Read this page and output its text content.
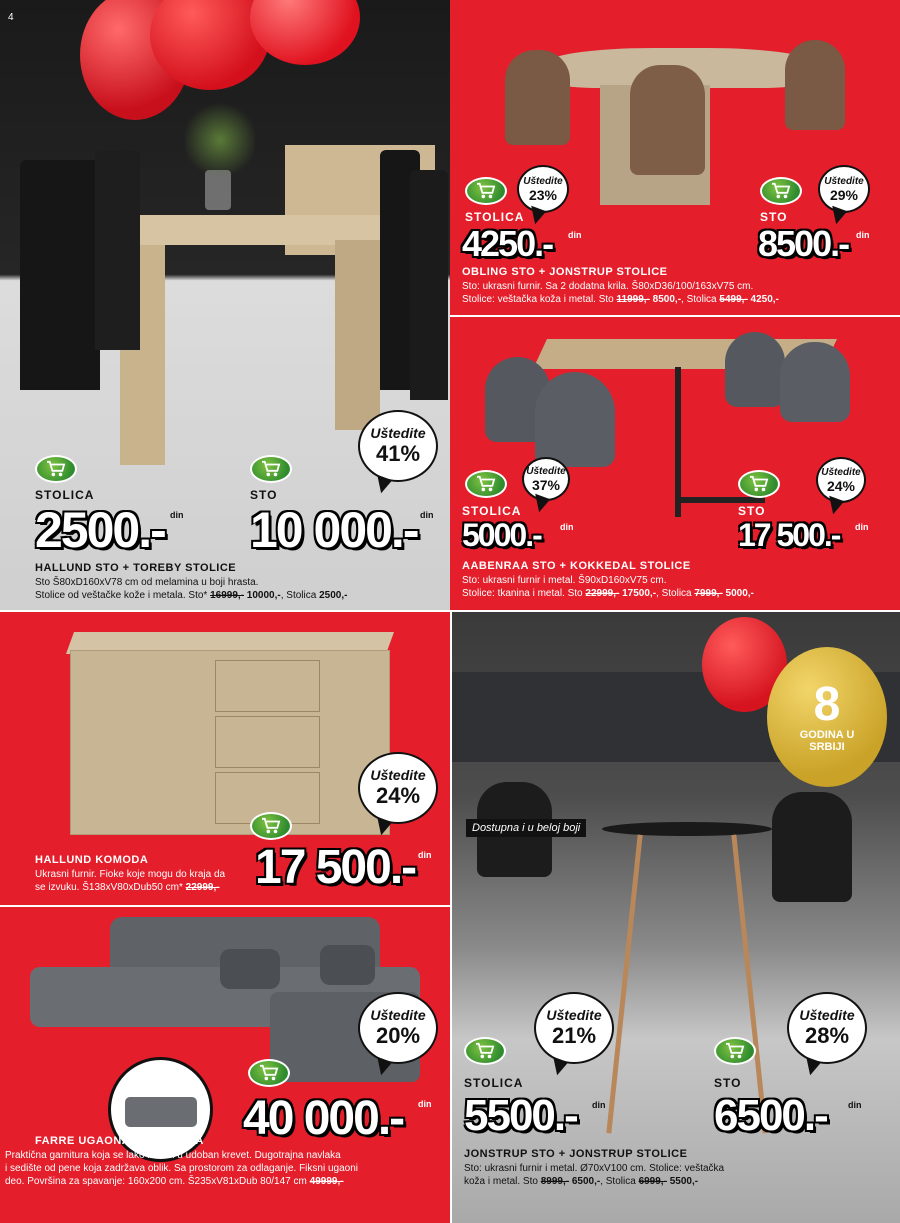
4
Uštedite
41%
STOLICA	STO
2500.- din 10 000.- din
HALLUND STO + TOREBY STOLICE
Sto Š80xD160xV78 cm od melamina u boji hrasta.
Stolice od veštačke kože i metala. Sto* 16999,- 10000,-, Stolica 2500,-
Uštedite
23%
Uštedite
29%
STOLICA	STO
4250.- din	8500.- din
OBLING STO + JONSTRUP STOLICE
Sto: ukrasni furnir. Sa 2 dodatna krila. Š80xD36/100/163xV75 cm.
Stolice: veštačka koža i metal. Sto 11999,- 8500,-, Stolica 5499,- 4250,-
Uštedite
37%
Uštedite
24%
STOLICA	STO
5000.- din	17 500.- din
AABENRAA STO + KOKKEDAL STOLICE
Sto: ukrasni furnir i metal. Š90xD160xV75 cm.
Stolice: tkanina i metal. Sto 22999,- 17500,-, Stolica 7999,- 5000,-
Uštedite
24%
17 500.- din
HALLUND KOMODA
Ukrasni furnir. Fioke koje mogu do kraja da
se izvuku. Š138xV80xDub50 cm* 22999,-
Uštedite
20%
40 000.- din
FARRE UGAONA GARNITURA
Praktična garnitura koja se lako izvlači u udoban krevet. Dugotrajna navlaka
i sedište od pene koja zadržava oblik. Sa prostorom za odlaganje. Fiksni ugaoni
deo. Površina za spavanje: 160x200 cm. Š235xV81xDub 80/147 cm 49999,-
8
GODINA U
SRBIJI
Dostupna i u beloj boji
Uštedite
21%
Uštedite
28%
STOLICA	STO
5500.- din 6500.- din
JONSTRUP STO + JONSTRUP STOLICE
Sto: ukrasni furnir i metal. Ø70xV100 cm. Stolice: veštačka
koža i metal. Sto 8999,- 6500,-, Stolica 6999,- 5500,-
